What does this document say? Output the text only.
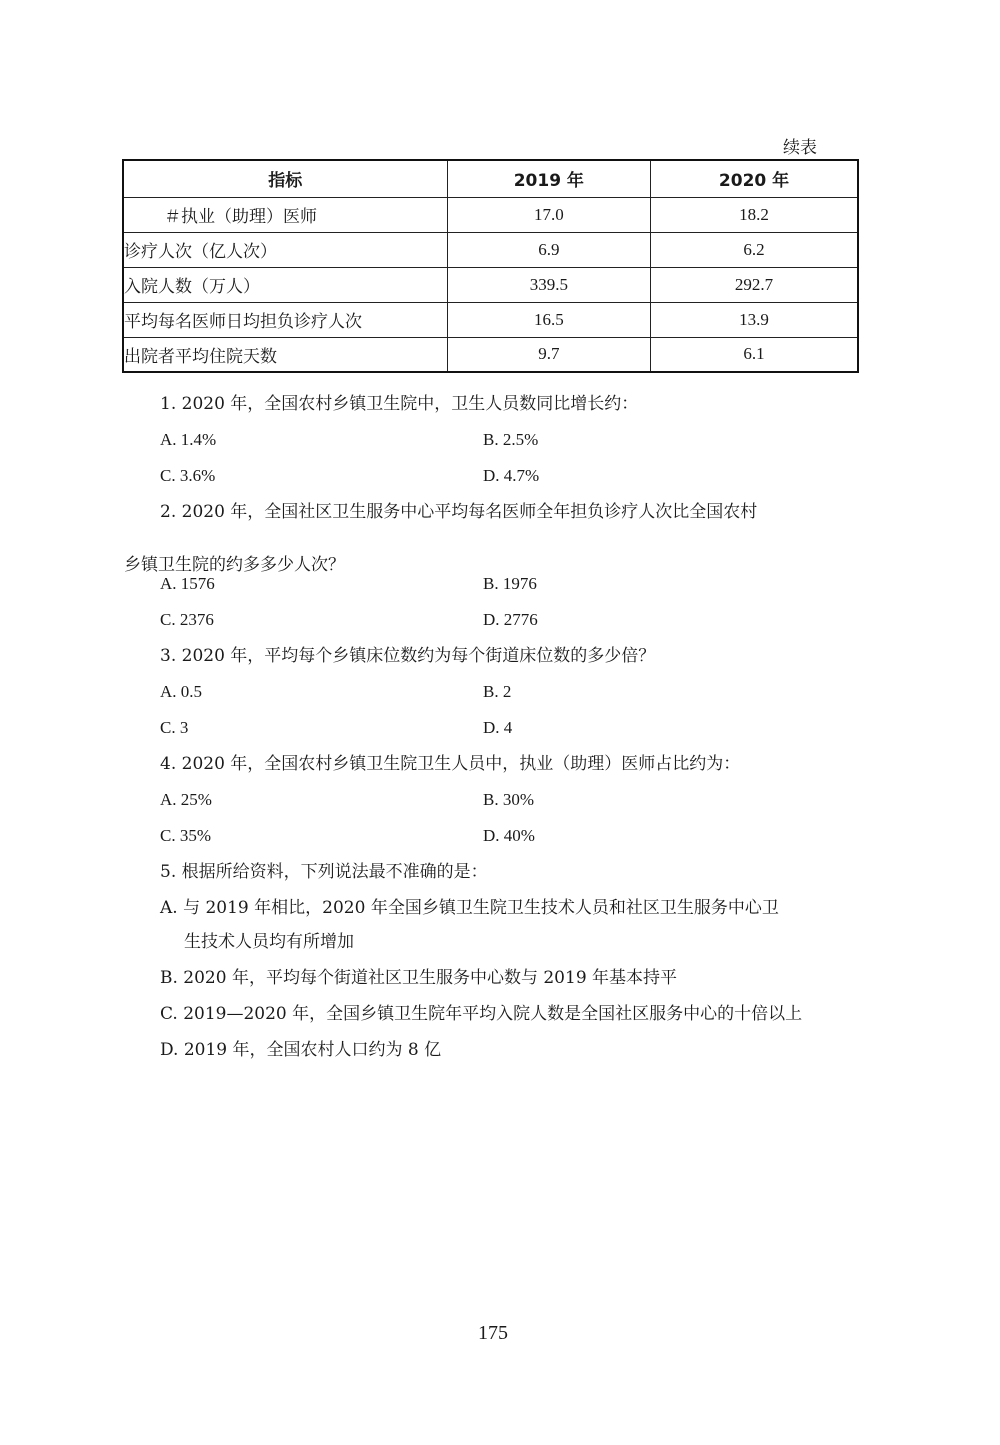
续表
指标	2019 年	2020 年
＃执业（助理）医师	17.0	18.2
诊疗人次（亿人次）	6.9	6.2
入院人数（万人）	339.5	292.7
平均每名医师日均担负诊疗人次	16.5	13.9
出院者平均住院天数	9.7	6.1
1. 2020 年，全国农村乡镇卫生院中，卫生人员数同比增长约：
A. 1.4%	B. 2.5%
C. 3.6%	D. 4.7%
2. 2020 年，全国社区卫生服务中心平均每名医师全年担负诊疗人次比全国农村
乡镇卫生院的约多多少人次？
A. 1576	B. 1976
C. 2376	D. 2776
3. 2020 年，平均每个乡镇床位数约为每个街道床位数的多少倍？
A. 0.5	B. 2
C. 3	D. 4
4. 2020 年，全国农村乡镇卫生院卫生人员中，执业（助理）医师占比约为：
A. 25%	B. 30%
C. 35%	D. 40%
5. 根据所给资料，下列说法最不准确的是：
A. 与 2019 年相比，2020 年全国乡镇卫生院卫生技术人员和社区卫生服务中心卫
生技术人员均有所增加
B. 2020 年，平均每个街道社区卫生服务中心数与 2019 年基本持平
C. 2019—2020 年，全国乡镇卫生院年平均入院人数是全国社区服务中心的十倍以上
D. 2019 年，全国农村人口约为 8 亿
175
